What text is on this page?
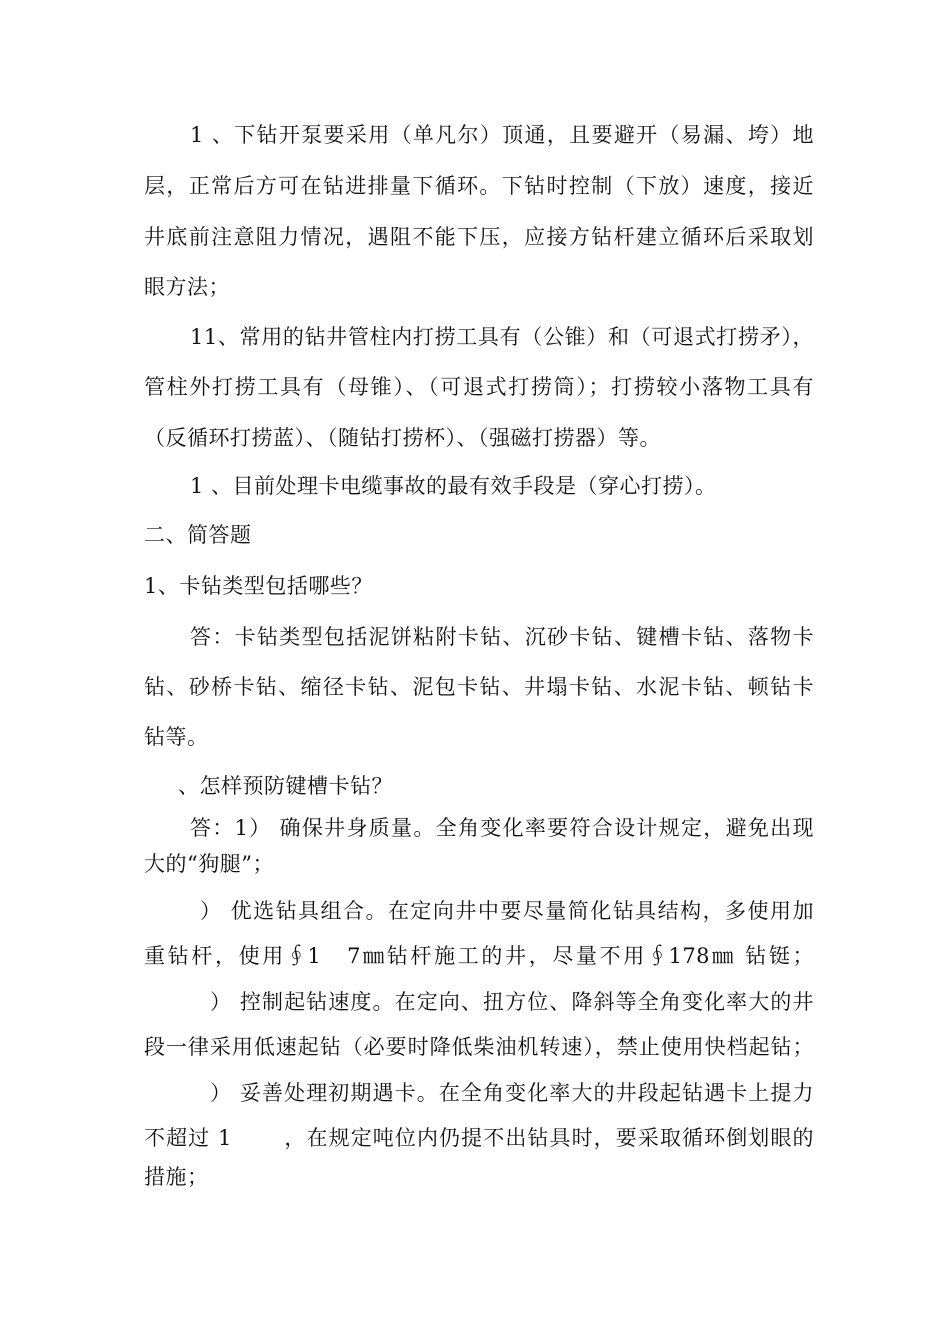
1 、下钻开泵要采用（单凡尔）顶通，且要避开（易漏、垮）地
层，正常后方可在钻进排量下循环。下钻时控制（下放）速度，接近
井底前注意阻力情况，遇阻不能下压，应接方钻杆建立循环后采取划
眼方法；
11、常用的钻井管柱内打捞工具有（公锥）和（可退式打捞矛），
管柱外打捞工具有（母锥）、（可退式打捞筒）；打捞较小落物工具有
（反循环打捞蓝）、（随钻打捞杯）、（强磁打捞器）等。
1 、目前处理卡电缆事故的最有效手段是（穿心打捞）。
二、简答题
1、卡钻类型包括哪些？
答：卡钻类型包括泥饼粘附卡钻、沉砂卡钻、键槽卡钻、落物卡
钻、砂桥卡钻、缩径卡钻、泥包卡钻、井塌卡钻、水泥卡钻、顿钻卡
钻等。
、怎样预防键槽卡钻？
答：1） 确保井身质量。全角变化率要符合设计规定，避免出现
大的“狗腿”；
） 优选钻具组合。在定向井中要尽量简化钻具结构，多使用加
重钻杆，使用∮1　7㎜钻杆施工的井，尽量不用∮178㎜ 钻铤；
） 控制起钻速度。在定向、扭方位、降斜等全角变化率大的井
段一律采用低速起钻（必要时降低柴油机转速），禁止使用快档起钻；
） 妥善处理初期遇卡。在全角变化率大的井段起钻遇卡上提力
不超过 1　　 ，在规定吨位内仍提不出钻具时，要采取循环倒划眼的
措施；
